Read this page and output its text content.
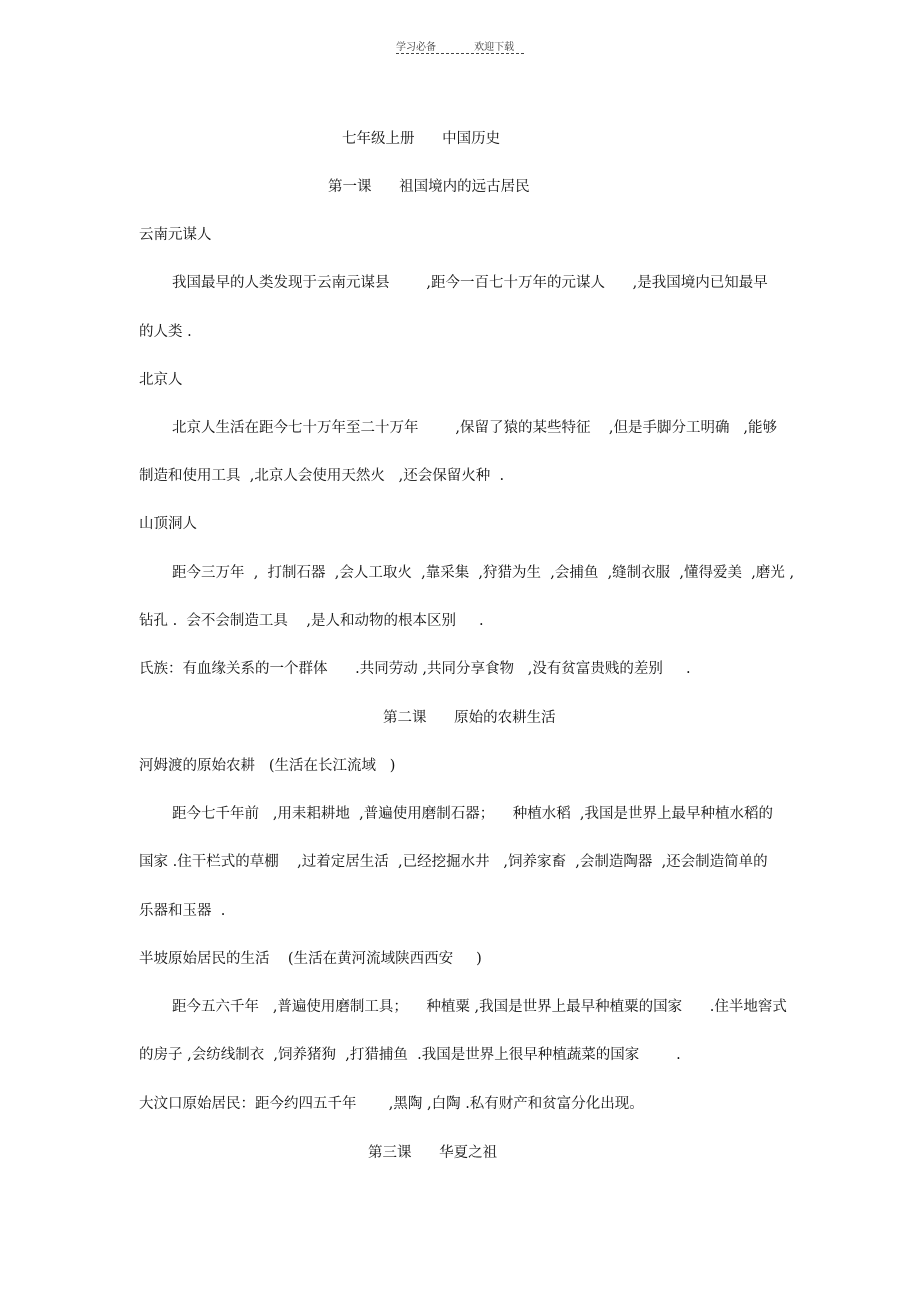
学习必备	欢迎下载
七年级上册      中国历史
第一课      祖国境内的远古居民
云南元谋人
我国最早的人类发现于云南元谋县        ,距今一百七十万年的元谋人      ,是我国境内已知最早
的人类 .
北京人
北京人生活在距今七十万年至二十万年        ,保留了猿的某些特征    ,但是手脚分工明确   ,能够
制造和使用工具  ,北京人会使用天然火   ,还会保留火种  .
山顶洞人
距今三万年  ,  打制石器  ,会人工取火  ,靠采集  ,狩猎为生  ,会捕鱼  ,缝制衣服  ,懂得爱美  ,磨光 ,
钻孔 .  会不会制造工具    ,是人和动物的根本区别     .
氏族：有血缘关系的一个群体      .共同劳动 ,共同分享食物   ,没有贫富贵贱的差别     .
第二课      原始的农耕生活
河姆渡的原始农耕   (生活在长江流域   )
距今七千年前   ,用耒耜耕地  ,普遍使用磨制石器；    种植水稻  ,我国是世界上最早种植水稻的
国家 .住干栏式的草棚    ,过着定居生活  ,已经挖掘水井   ,饲养家畜  ,会制造陶器  ,还会制造简单的
乐器和玉器  .
半坡原始居民的生活    (生活在黄河流域陕西西安     )
距今五六千年   ,普遍使用磨制工具；    种植粟 ,我国是世界上最早种植粟的国家      .住半地窖式
的房子 ,会纺线制衣  ,饲养猪狗  ,打猎捕鱼  .我国是世界上很早种植蔬菜的国家        .
大汶口原始居民：距今约四五千年       ,黑陶 ,白陶 .私有财产和贫富分化出现。
第三课      华夏之祖
